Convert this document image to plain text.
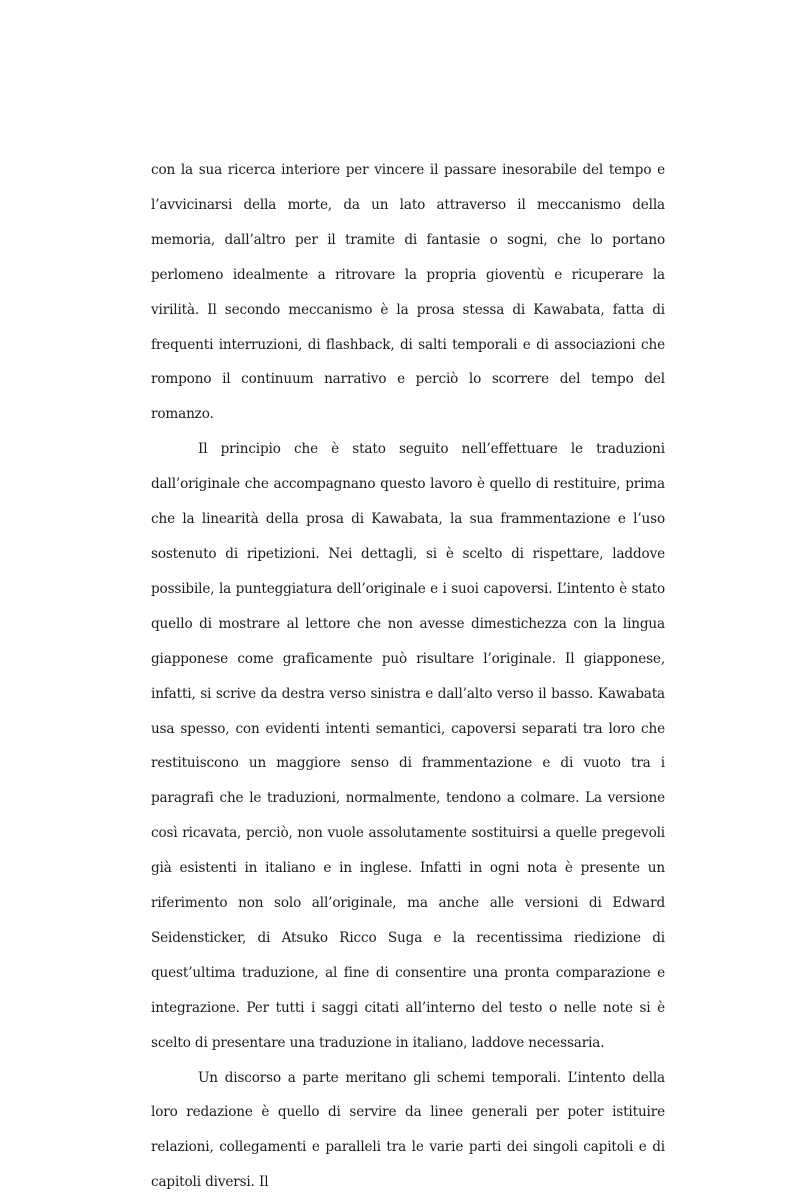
con la sua ricerca interiore per vincere il passare inesorabile del tempo e l’avvicinarsi della morte, da un lato attraverso il meccanismo della memoria, dall’altro per il tramite di fantasie o sogni, che lo portano perlomeno idealmente a ritrovare la propria gioventù e ricuperare la virilità. Il secondo meccanismo è la prosa stessa di Kawabata, fatta di frequenti interruzioni, di flashback, di salti temporali e di associazioni che rompono il continuum narrativo e perciò lo scorrere del tempo del romanzo.

Il principio che è stato seguito nell’effettuare le traduzioni dall’originale che accompagnano questo lavoro è quello di restituire, prima che la linearità della prosa di Kawabata, la sua frammentazione e l’uso sostenuto di ripetizioni. Nei dettagli, si è scelto di rispettare, laddove possibile, la punteggiatura dell’originale e i suoi capoversi. L’intento è stato quello di mostrare al lettore che non avesse dimestichezza con la lingua giapponese come graficamente può risultare l’originale. Il giapponese, infatti, si scrive da destra verso sinistra e dall’alto verso il basso. Kawabata usa spesso, con evidenti intenti semantici, capoversi separati tra loro che restituiscono un maggiore senso di frammentazione e di vuoto tra i paragrafi che le traduzioni, normalmente, tendono a colmare. La versione così ricavata, perciò, non vuole assolutamente sostituirsi a quelle pregevoli già esistenti in italiano e in inglese. Infatti in ogni nota è presente un riferimento non solo all’originale, ma anche alle versioni di Edward Seidensticker, di Atsuko Ricco Suga e la recentissima riedizione di quest’ultima traduzione, al fine di consentire una pronta comparazione e integrazione. Per tutti i saggi citati all’interno del testo o nelle note si è scelto di presentare una traduzione in italiano, laddove necessaria.

Un discorso a parte meritano gli schemi temporali. L’intento della loro redazione è quello di servire da linee generali per poter istituire relazioni, collegamenti e paralleli tra le varie parti dei singoli capitoli e di capitoli diversi. Il
